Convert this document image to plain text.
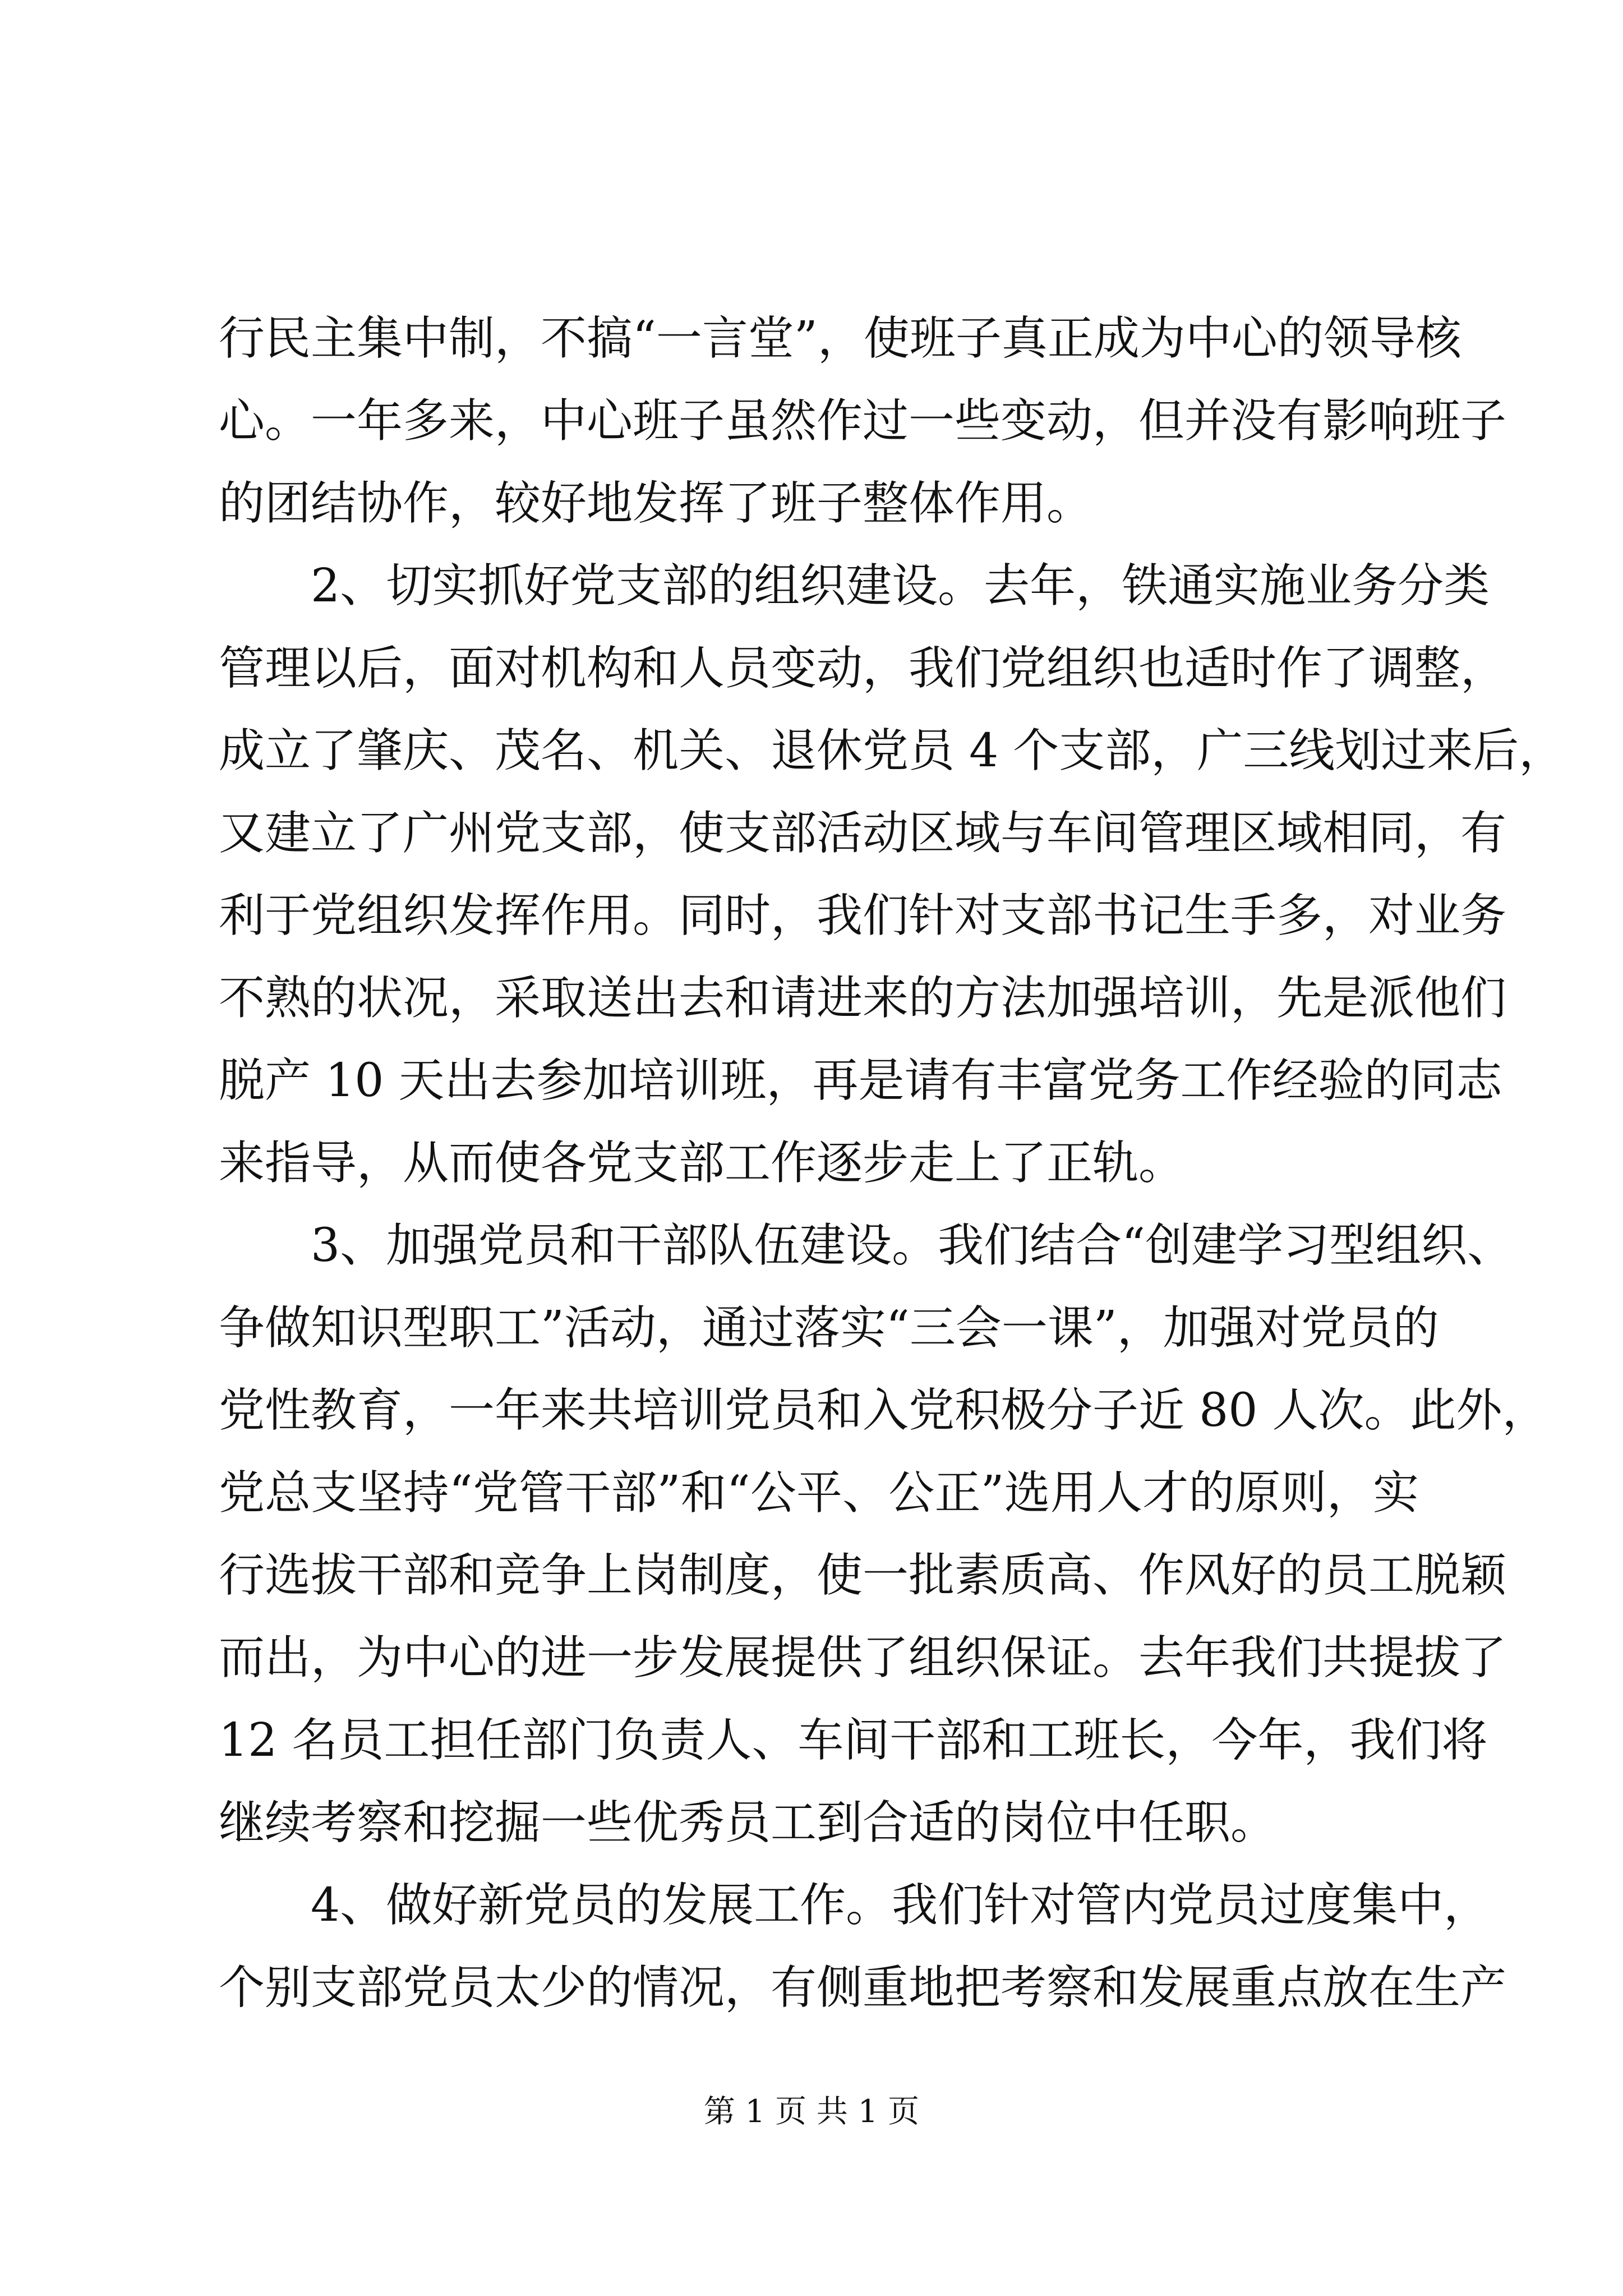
行民主集中制，不搞“一言堂”，使班子真正成为中心的领导核
心。一年多来，中心班子虽然作过一些变动，但并没有影响班子
的团结协作，较好地发挥了班子整体作用。
2、切实抓好党支部的组织建设。去年，铁通实施业务分类
管理以后，面对机构和人员变动，我们党组织也适时作了调整，
成立了肇庆、茂名、机关、退休党员 4 个支部，广三线划过来后，
又建立了广州党支部，使支部活动区域与车间管理区域相同，有
利于党组织发挥作用。同时，我们针对支部书记生手多，对业务
不熟的状况，采取送出去和请进来的方法加强培训，先是派他们
脱产 10 天出去参加培训班，再是请有丰富党务工作经验的同志
来指导，从而使各党支部工作逐步走上了正轨。
3、加强党员和干部队伍建设。我们结合“创建学习型组织、
争做知识型职工”活动，通过落实“三会一课”，加强对党员的
党性教育，一年来共培训党员和入党积极分子近 80 人次。此外，
党总支坚持“党管干部”和“公平、公正”选用人才的原则，实
行选拔干部和竞争上岗制度，使一批素质高、作风好的员工脱颖
而出，为中心的进一步发展提供了组织保证。去年我们共提拔了
12 名员工担任部门负责人、车间干部和工班长，今年，我们将
继续考察和挖掘一些优秀员工到合适的岗位中任职。
4、做好新党员的发展工作。我们针对管内党员过度集中，
个别支部党员太少的情况，有侧重地把考察和发展重点放在生产
第 1 页 共 1 页
